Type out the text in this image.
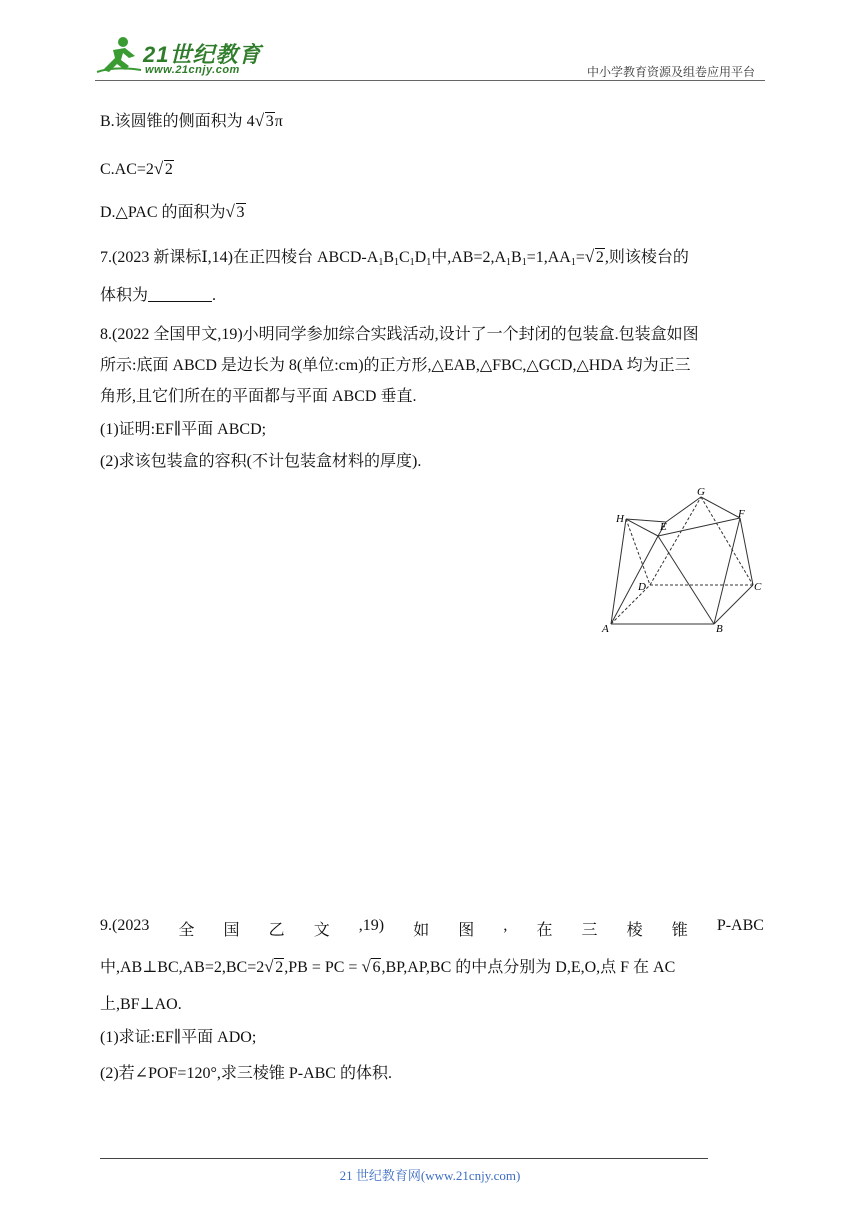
21世纪教育
www.21cnjy.com	中小学教育资源及组卷应用平台
B.该圆锥的侧面积为 4√ 3π
C.AC=2√ 2
D.△PAC 的面积为√ 3
7.(2023 新课标Ⅰ,14)在正四棱台 ABCD-$A_1B_1C_1D_1$中$,AB=2,A_1B_1=1,AA_1=√$ 2,则该棱台的
体积为	.
8.(2022 全国甲文,19)小明同学参加综合实践活动,设计了一个封闭的包装盒.包装盒如图
所示:底面 ABCD 是边长为 8(单位:cm)的正方形,△EAB,△FBC,△GCD,△HDA 均为正三
角形,且它们所在的平面都与平面 ABCD 垂直.
(1)证明:EF∥平面 ABCD;
(2)求该包装盒的容积(不计包装盒材料的厚度).
G
H
E
F
D	C
A	B
9.(2023 全 国 乙 文 ,19) 如 图 , 在 三 棱 锥 P-ABC
中,AB⊥BC,AB=2,BC=2√ 2,PB = PC = √ 6,BP,AP,BC 的中点分别为 D,E,O,点 F 在 AC
上,BF⊥AO.
(1)求证:EF∥平面 ADO;
(2)若∠POF=120°,求三棱锥 P-ABC 的体积.
21 世纪教育网(www.21cnjy.com)
